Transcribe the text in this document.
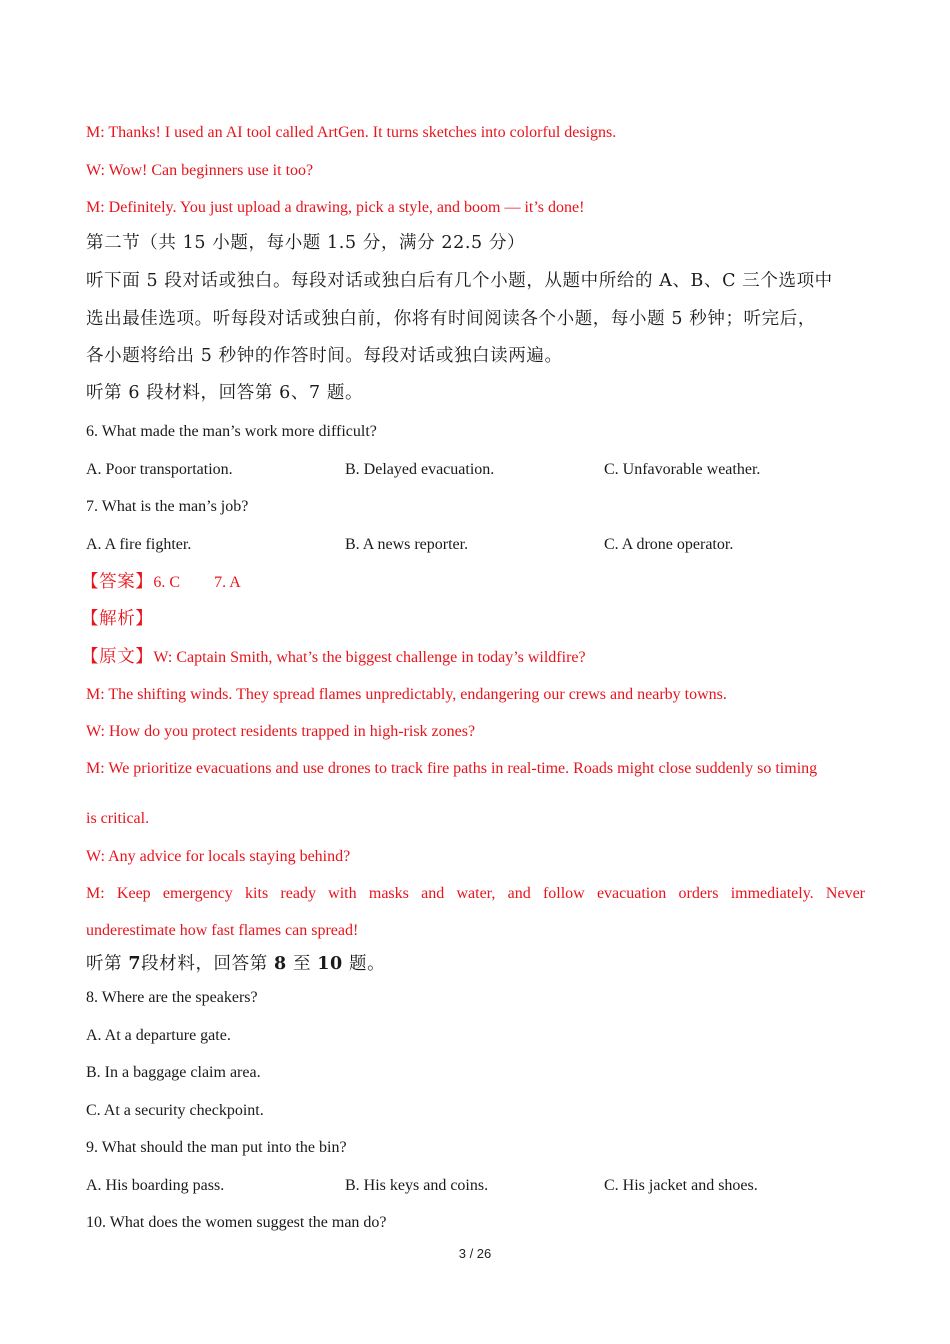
M: Thanks! I used an AI tool called ArtGen. It turns sketches into colorful designs.
W: Wow! Can beginners use it too?
M: Definitely. You just upload a drawing, pick a style, and boom — it’s done!
第二节（共 15 小题，每小题 1.5 分，满分 22.5 分）
听下面 5 段对话或独白。每段对话或独白后有几个小题，从题中所给的 A、B、C 三个选项中
选出最佳选项。听每段对话或独白前，你将有时间阅读各个小题，每小题 5 秒钟；听完后，
各小题将给出 5 秒钟的作答时间。每段对话或独白读两遍。
听第 6 段材料，回答第 6、7 题。
6. What made the man’s work more difficult?
A. Poor transportation.	B. Delayed evacuation.	C. Unfavorable weather.
7. What is the man’s job?
A. A fire fighter.	B. A news reporter.	C. A drone operator.
【答案】6. C 7. A
【解析】
【原文】W: Captain Smith, what’s the biggest challenge in today’s wildfire?
M: The shifting winds. They spread flames unpredictably, endangering our crews and nearby towns.
W: How do you protect residents trapped in high-risk zones?
M: We prioritize evacuations and use drones to track fire paths in real-time. Roads might close suddenly so timing
is critical.
W: Any advice for locals staying behind?
M: Keep emergency kits ready with masks and water, and follow evacuation orders immediately. Never
underestimate how fast flames can spread!
听第 7段材料，回答第 8 至 10 题。
8. Where are the speakers?
A. At a departure gate.
B. In a baggage claim area.
C. At a security checkpoint.
9. What should the man put into the bin?
A. His boarding pass.	B. His keys and coins.	C. His jacket and shoes.
10. What does the women suggest the man do?
3 / 26
